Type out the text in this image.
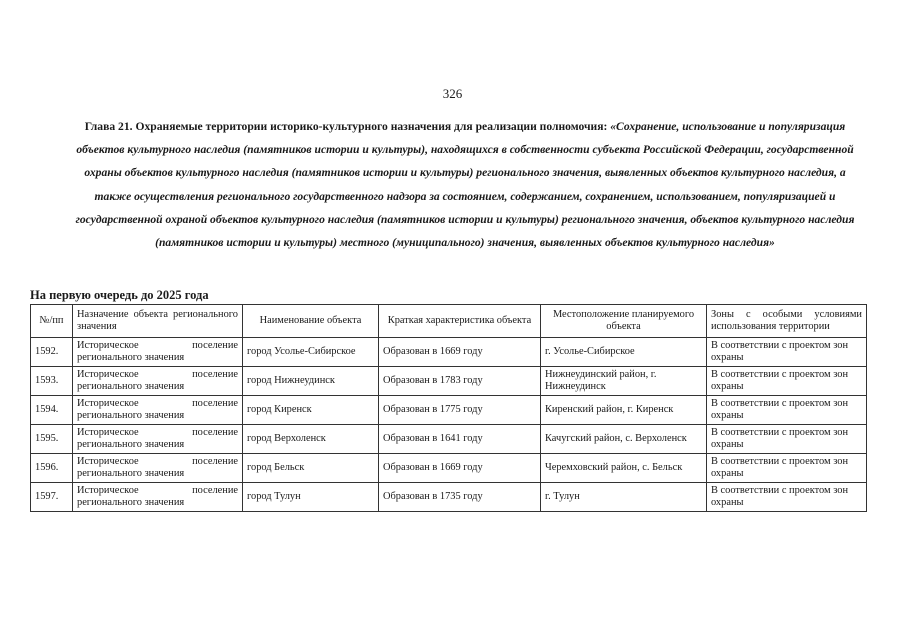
326
Глава 21. Охраняемые территории историко-культурного назначения для реализации полномочия: «Сохранение, использование и популяризация объектов культурного наследия (памятников истории и культуры), находящихся в собственности субъекта Российской Федерации, государственной охраны объектов культурного наследия (памятников истории и культуры) регионального значения, выявленных объектов культурного наследия, а также осуществления регионального государственного надзора за состоянием, содержанием, сохранением, использованием, популяризацией и государственной охраной объектов культурного наследия (памятников истории и культуры) регионального значения, объектов культурного наследия (памятников истории и культуры) местного (муниципального) значения, выявленных объектов культурного наследия»
На первую очередь до 2025 года
№/пп	Назначение объекта регионального значения	Наименование объекта	Краткая характеристика объекта	Местоположение планируемого объекта	Зоны с особыми условиями использования территории
1592.	Историческое поселение регионального значения	город Усолье-Сибирское	Образован в 1669 году	г. Усолье-Сибирское	В соответствии с проектом зон охраны
1593.	Историческое поселение регионального значения	город Нижнеудинск	Образован в 1783 году	Нижнеудинский район, г. Нижнеудинск	В соответствии с проектом зон охраны
1594.	Историческое поселение регионального значения	город Киренск	Образован в 1775 году	Киренский район, г. Киренск	В соответствии с проектом зон охраны
1595.	Историческое поселение регионального значения	город Верхоленск	Образован в 1641 году	Качугский район, с. Верхоленск	В соответствии с проектом зон охраны
1596.	Историческое поселение регионального значения	город Бельск	Образован в 1669 году	Черемховский район, с. Бельск	В соответствии с проектом зон охраны
1597.	Историческое поселение регионального значения	город Тулун	Образован в 1735 году	г. Тулун	В соответствии с проектом зон охраны
